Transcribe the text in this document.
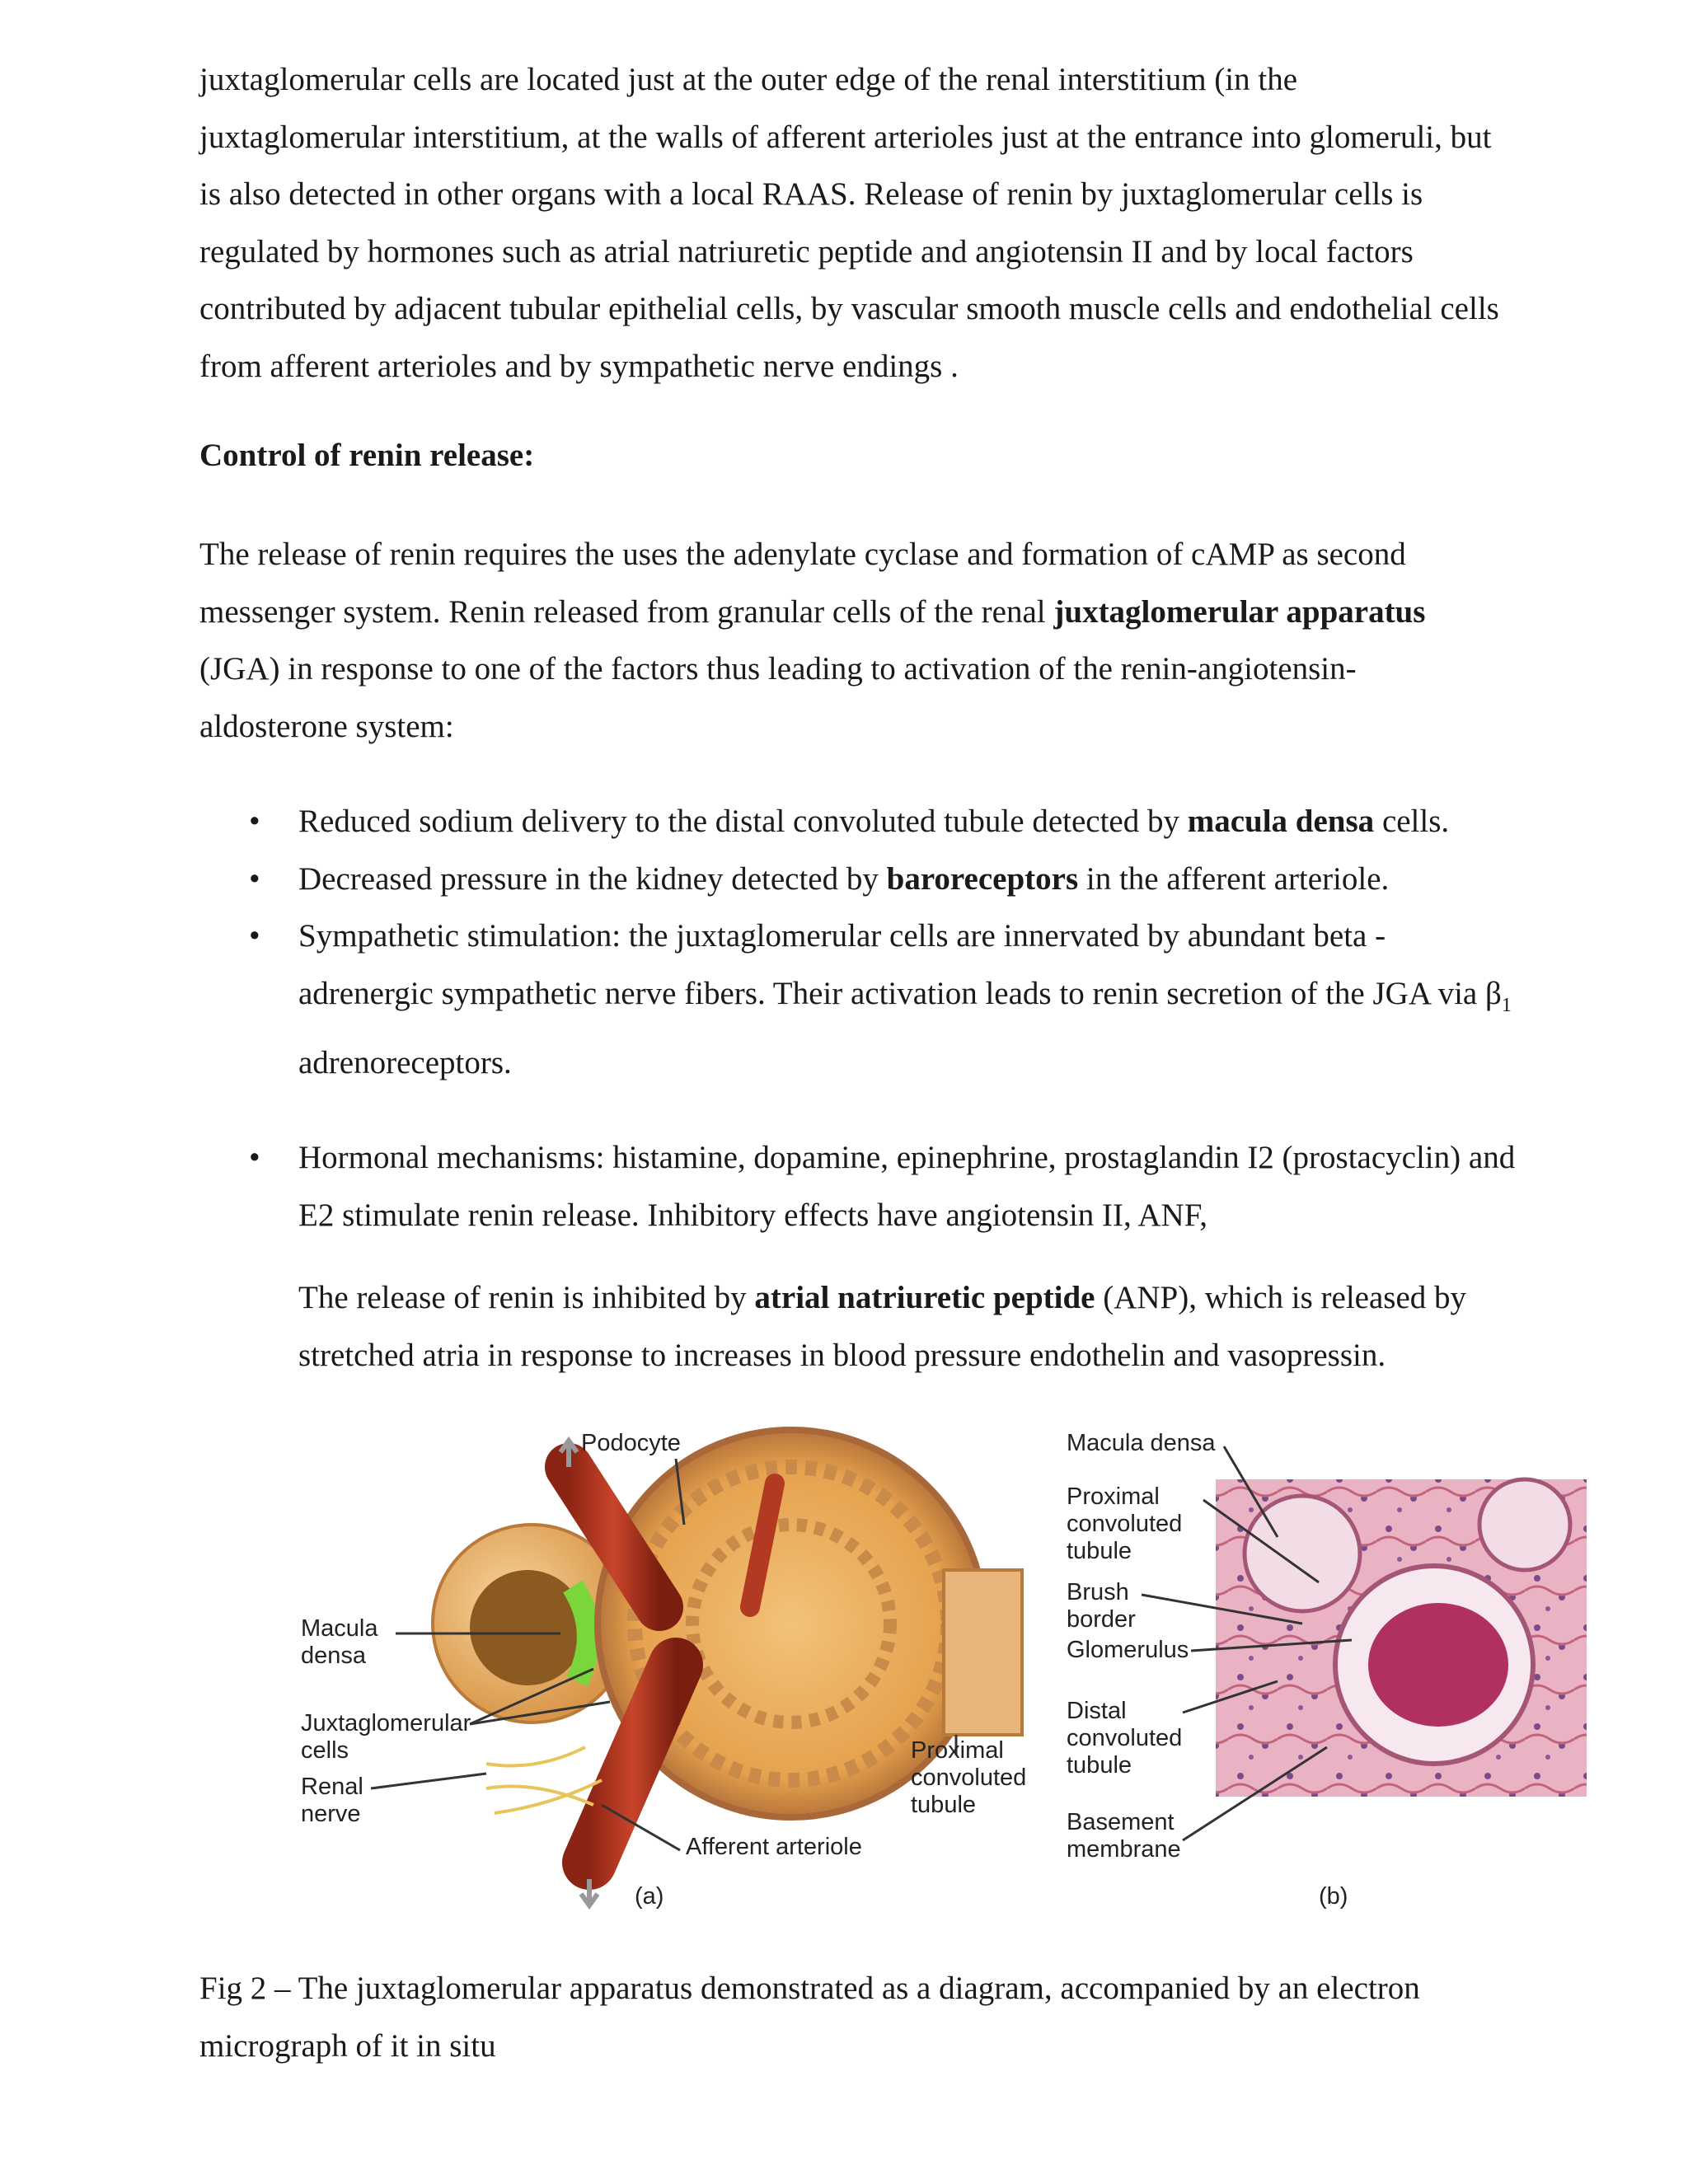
juxtaglomerular cells are located just at the outer edge of the renal interstitium (in the juxtaglomerular interstitium, at the walls of afferent arterioles just at the entrance into glomeruli, but is also detected in other organs with a local RAAS. Release of renin by juxtaglomerular cells is regulated by hormones such as atrial natriuretic peptide and angiotensin II and by local factors contributed by adjacent tubular epithelial cells, by vascular smooth muscle cells and endothelial cells from afferent arterioles and by sympathetic nerve endings .

Control of renin release:

The release of renin requires the uses the adenylate cyclase and formation of cAMP as second messenger system. Renin released from granular cells of the renal juxtaglomerular apparatus (JGA) in response to one of the factors thus leading to activation of the renin-angiotensin-aldosterone system:

• Reduced sodium delivery to the distal convoluted tubule detected by macula densa cells.
• Decreased pressure in the kidney detected by baroreceptors in the afferent arteriole.
• Sympathetic stimulation: the juxtaglomerular cells are innervated by abundant beta - adrenergic sympathetic nerve fibers. Their activation leads to renin secretion of the JGA via $\beta_1$ adrenoreceptors.
• Hormonal mechanisms: histamine, dopamine, epinephrine, prostaglandin I2 (prostacyclin) and E2 stimulate renin release. Inhibitory effects have angiotensin II, ANF,

The release of renin is inhibited by atrial natriuretic peptide (ANP), which is released by stretched atria in response to increases in blood pressure endothelin and vasopressin.

Podocyte
Macula
densa
Juxtaglomerular
cells
Renal
nerve
Afferent arteriole
Proximal
convoluted
tubule
(a)
Macula densa
Proximal
convoluted
tubule
Brush
border
Glomerulus
Distal
convoluted
tubule
Basement
membrane
(b)

Fig 2 – The juxtaglomerular apparatus demonstrated as a diagram, accompanied by an electron micrograph of it in situ
